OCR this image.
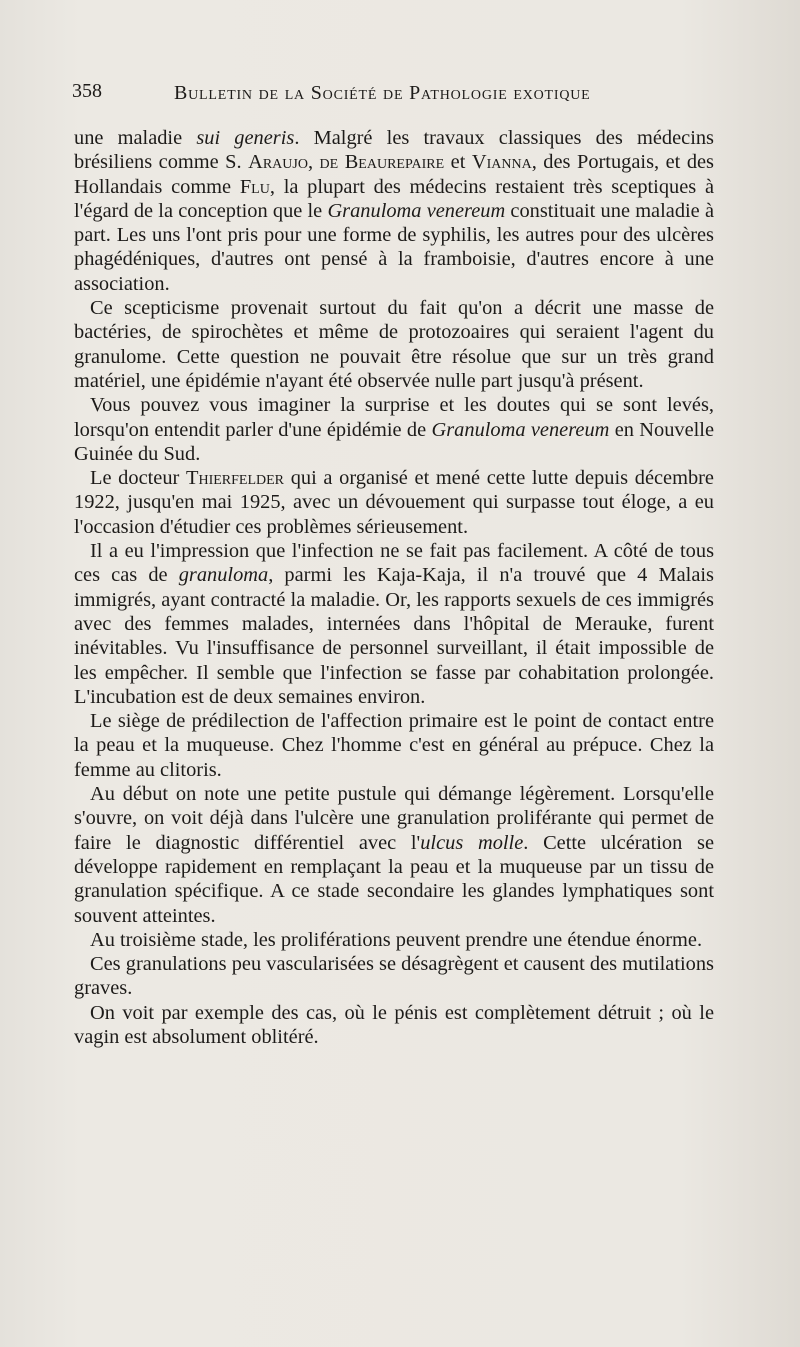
358	Bulletin de la Société de Pathologie exotique

une maladie sui generis. Malgré les travaux classiques des médecins brésiliens comme S. Araujo, de Beaurepaire et Vianna, des Portugais, et des Hollandais comme Flu, la plupart des médecins restaient très sceptiques à l'égard de la conception que le Granuloma venereum constituait une maladie à part. Les uns l'ont pris pour une forme de syphilis, les autres pour des ulcères phagédéniques, d'autres ont pensé à la framboisie, d'autres encore à une association.

Ce scepticisme provenait surtout du fait qu'on a décrit une masse de bactéries, de spirochètes et même de protozoaires qui seraient l'agent du granulome. Cette question ne pouvait être résolue que sur un très grand matériel, une épidémie n'ayant été observée nulle part jusqu'à présent.

Vous pouvez vous imaginer la surprise et les doutes qui se sont levés, lorsqu'on entendit parler d'une épidémie de Granuloma venereum en Nouvelle Guinée du Sud.

Le docteur Thierfelder qui a organisé et mené cette lutte depuis décembre 1922, jusqu'en mai 1925, avec un dévouement qui surpasse tout éloge, a eu l'occasion d'étudier ces problèmes sérieusement.

Il a eu l'impression que l'infection ne se fait pas facilement. A côté de tous ces cas de granuloma, parmi les Kaja-Kaja, il n'a trouvé que 4 Malais immigrés, ayant contracté la maladie. Or, les rapports sexuels de ces immigrés avec des femmes malades, internées dans l'hôpital de Merauke, furent inévitables. Vu l'insuffisance de personnel surveillant, il était impossible de les empêcher. Il semble que l'infection se fasse par cohabitation prolongée. L'incubation est de deux semaines environ.

Le siège de prédilection de l'affection primaire est le point de contact entre la peau et la muqueuse. Chez l'homme c'est en général au prépuce. Chez la femme au clitoris.

Au début on note une petite pustule qui démange légèrement. Lorsqu'elle s'ouvre, on voit déjà dans l'ulcère une granulation proliférante qui permet de faire le diagnostic différentiel avec l'ulcus molle. Cette ulcération se développe rapidement en remplaçant la peau et la muqueuse par un tissu de granulation spécifique. A ce stade secondaire les glandes lymphatiques sont souvent atteintes.

Au troisième stade, les proliférations peuvent prendre une étendue énorme.

Ces granulations peu vascularisées se désagrègent et causent des mutilations graves.

On voit par exemple des cas, où le pénis est complètement détruit ; où le vagin est absolument oblitéré.
